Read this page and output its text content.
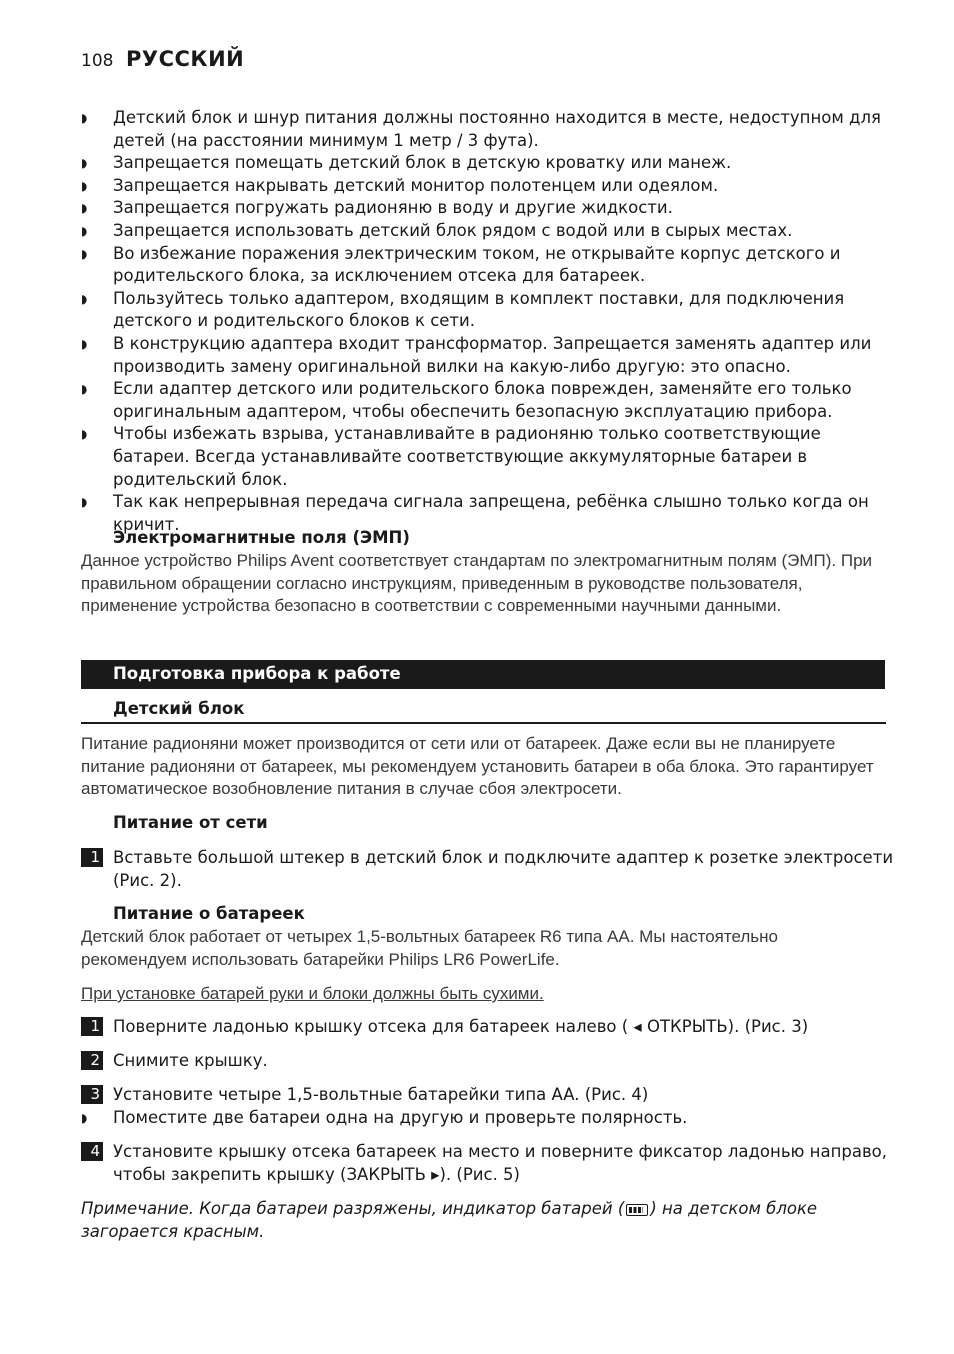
108 РУССКИЙ
◗ Детский блок и шнур питания должны постоянно находится в месте, недоступном для детей (на расстоянии минимум 1 метр / 3 фута).
◗ Запрещается помещать детский блок в детскую кроватку или манеж.
◗ Запрещается накрывать детский монитор полотенцем или одеялом.
◗ Запрещается погружать радионяню в воду и другие жидкости.
◗ Запрещается использовать детский блок рядом с водой или в сырых местах.
◗ Во избежание поражения электрическим током, не открывайте корпус детского и родительского блока, за исключением отсека для батареек.
◗ Пользуйтесь только адаптером, входящим в комплект поставки, для подключения детского и родительского блоков к сети.
◗ В конструкцию адаптера входит трансформатор. Запрещается заменять адаптер или производить замену оригинальной вилки на какую-либо другую: это опасно.
◗ Если адаптер детского или родительского блока поврежден, заменяйте его только оригинальным адаптером, чтобы обеспечить безопасную эксплуатацию прибора.
◗ Чтобы избежать взрыва, устанавливайте в радионяню только соответствующие батареи. Всегда устанавливайте соответствующие аккумуляторные батареи в родительский блок.
◗ Так как непрерывная передача сигнала запрещена, ребёнка слышно только когда он кричит.
Электромагнитные поля (ЭМП)
Данное устройство Philips Avent соответствует стандартам по электромагнитным полям (ЭМП). При правильном обращении согласно инструкциям, приведенным в руководстве пользователя, применение устройства безопасно в соответствии с современными научными данными.
Подготовка прибора к работе
Детский блок
Питание радионяни может производится от сети или от батареек. Даже если вы не планируете питание радионяни от батареек, мы рекомендуем установить батареи в оба блока. Это гарантирует автоматическое возобновление питания в случае сбоя электросети.
Питание от сети
1 Вставьте большой штекер в детский блок и подключите адаптер к розетке электросети (Рис. 2).
Питание о батареек
Детский блок работает от четырех 1,5-вольтных батареек R6 типа AA. Мы настоятельно рекомендуем использовать батарейки Philips LR6 PowerLife.
При установке батарей руки и блоки должны быть сухими.
1 Поверните ладонью крышку отсека для батареек налево ( ◂ ОТКРЫТЬ). (Рис. 3)
2 Снимите крышку.
3 Установите четыре 1,5-вольтные батарейки типа AA. (Рис. 4)
◗	Поместите две батареи одна на другую и проверьте полярность.
4 Установите крышку отсека батареек на место и поверните фиксатор ладонью направо, чтобы закрепить крышку (ЗАКРЫТЬ ▸). (Рис. 5)
Примечание. Когда батареи разряжены, индикатор батарей ( ) на детском блоке загорается красным.
